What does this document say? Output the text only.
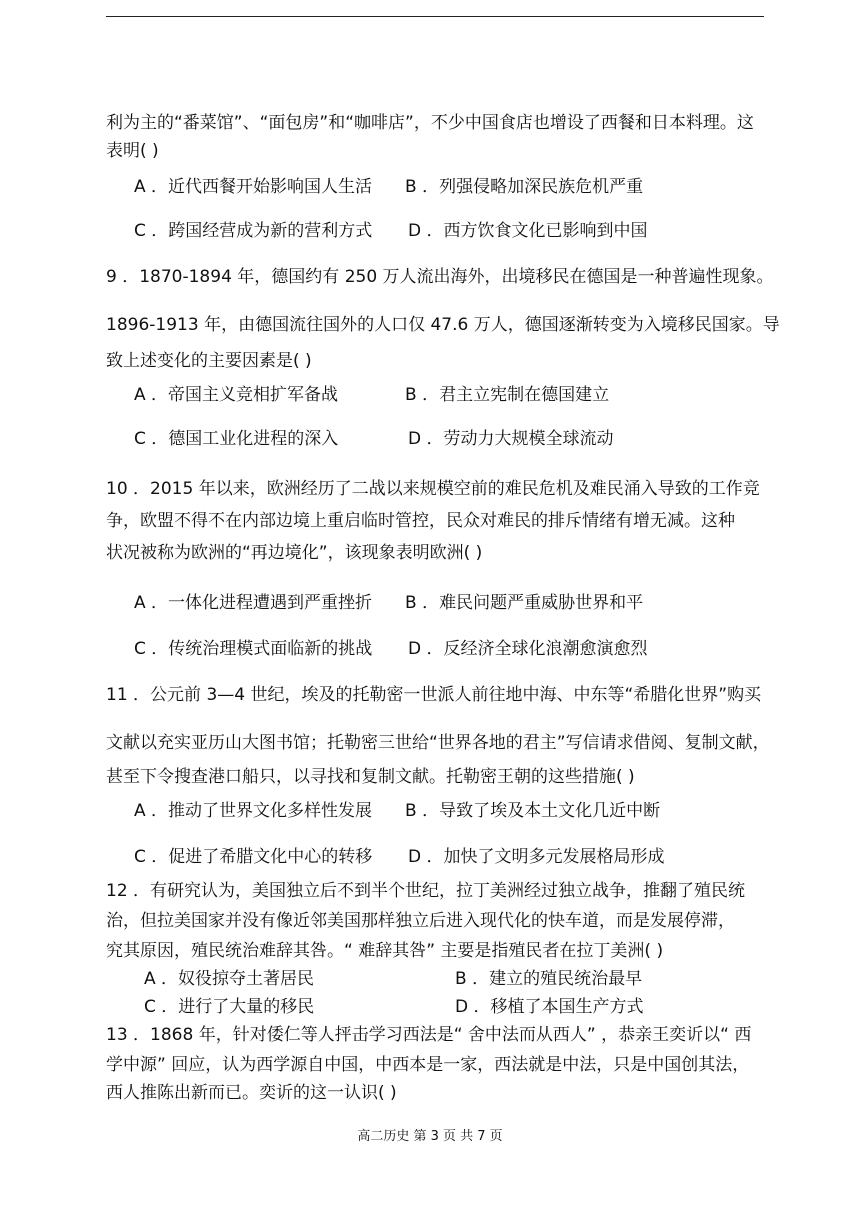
利为主的“番菜馆”、“面包房”和“咖啡店”，不少中国食店也增设了西餐和日本料理。这
表明( )
A ．近代西餐开始影响国人生活 B ．列强侵略加深民族危机严重
C ．跨国经营成为新的营利方式 D ．西方饮食文化已影响到中国
9 ．1870-1894 年，德国约有 250 万人流出海外，出境移民在德国是一种普遍性现象。
1896-1913 年，由德国流往国外的人口仅 47.6 万人，德国逐渐转变为入境移民国家。导
致上述变化的主要因素是( )
A ．帝国主义竞相扩军备战	B ．君主立宪制在德国建立
C ．德国工业化进程的深入	D ．劳动力大规模全球流动
10 ．2015 年以来，欧洲经历了二战以来规模空前的难民危机及难民涌入导致的工作竞
争，欧盟不得不在内部边境上重启临时管控，民众对难民的排斥情绪有增无减。这种
状况被称为欧洲的“再边境化”，该现象表明欧洲( )
A ．一体化进程遭遇到严重挫折 B ．难民问题严重威胁世界和平
C ．传统治理模式面临新的挑战 D ．反经济全球化浪潮愈演愈烈
11 ．公元前 3—4 世纪，埃及的托勒密一世派人前往地中海、中东等“希腊化世界”购买
文献以充实亚历山大图书馆；托勒密三世给“世界各地的君主”写信请求借阅、复制文献，
甚至下令搜查港口船只，以寻找和复制文献。托勒密王朝的这些措施( )
A ．推动了世界文化多样性发展 B ．导致了埃及本土文化几近中断
C ．促进了希腊文化中心的转移 D ．加快了文明多元发展格局形成
12 ．有研究认为，美国独立后不到半个世纪，拉丁美洲经过独立战争，推翻了殖民统
治，但拉美国家并没有像近邻美国那样独立后进入现代化的快车道，而是发展停滞，
究其原因，殖民统治难辞其咎。“ 难辞其咎” 主要是指殖民者在拉丁美洲( )
A ．奴役掠夺土著居民	B ．建立的殖民统治最早
C ．进行了大量的移民	D ．移植了本国生产方式
13 ．1868 年，针对倭仁等人抨击学习西法是“ 舍中法而从西人” ，恭亲王奕䜣以“ 西
学中源” 回应，认为西学源自中国，中西本是一家，西法就是中法，只是中国创其法，
西人推陈出新而已。奕䜣的这一认识( )
高二历史 第 3 页 共 7 页
